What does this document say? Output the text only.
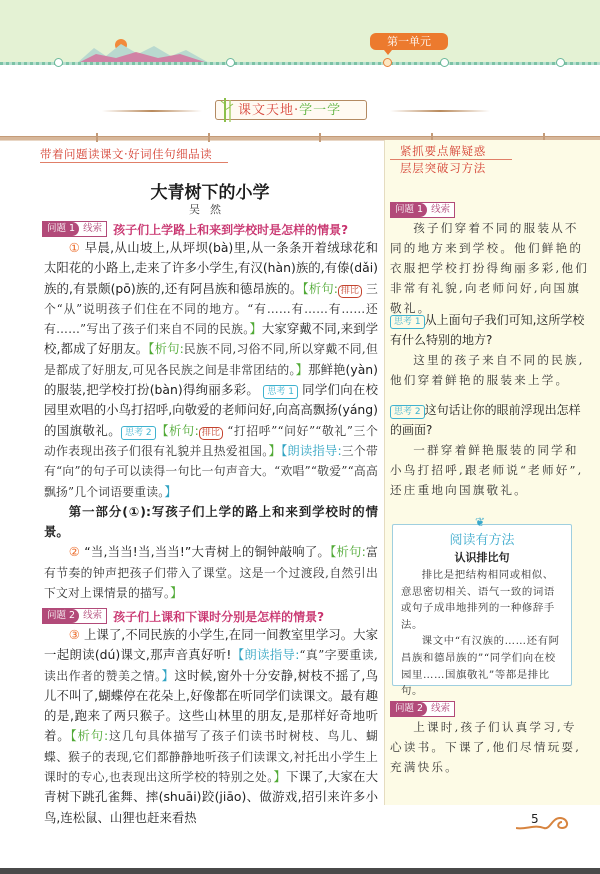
第一单元
课文天地·学一学
带着问题读课文·好词佳句细品读
大青树下的小学
吴然
问题 1 线索 孩子们上学路上和来到学校时是怎样的情景?

① 早晨,从山坡上,从坪坝(bà)里,从一条条开着绒球花和太阳花的小路上,走来了许多小学生,有汉(hàn)族的,有傣(dǎi)族的,有景颇(pō)族的,还有阿昌族和德昂族的。【析句: 排比 三个“从”说明孩子们住在不同的地方。“有……有……有……还有……”写出了孩子们来自不同的民族。】大家穿戴不同,来到学校,都成了好朋友。【析句:民族不同,习俗不同,所以穿戴不同,但是都成了好朋友,可见各民族之间是非常团结的。】那鲜艳(yàn)的服装,把学校打扮(bàn)得绚丽多彩。 思考 1 同学们向在校园里欢唱的小鸟打招呼,向敬爱的老师问好,向高高飘扬(yáng)的国旗敬礼。 思考 2 【析句: 排比 “打招呼”“问好”“敬礼”三个动作表现出孩子们很有礼貌并且热爱祖国。】【朗读指导:三个带有“向”的句子可以读得一句比一句声音大。“欢唱”“敬爱”“高高飘扬”几个词语要重读。】

第一部分(①):写孩子们上学的路上和来到学校时的情景。

② “当,当当!当,当当!”大青树上的铜钟敲响了。【析句:富有节奏的钟声把孩子们带入了课堂。这是一个过渡段,自然引出下文对上课情景的描写。】

问题 2 线索 孩子们上课和下课时分别是怎样的情景?

③ 上课了,不同民族的小学生,在同一间教室里学习。大家一起朗读(dú)课文,那声音真好听!【朗读指导:“真”字要重读,读出作者的赞美之情。】这时候,窗外十分安静,树枝不摇了,鸟儿不叫了,蝴蝶停在花朵上,好像都在听同学们读课文。最有趣的是,跑来了两只猴子。这些山林里的朋友,是那样好奇地听着。【析句:这几句具体描写了孩子们读书时树枝、鸟儿、蝴蝶、猴子的表现,它们都静静地听孩子们读课文,衬托出小学生上课时的专心,也表现出这所学校的特别之处。】下课了,大家在大青树下跳孔雀舞、摔(shuāi)跤(jiāo)、做游戏,招引来许多小鸟,连松鼠、山狸也赶来看热

紧抓要点解疑惑
层层突破习方法
问题 1 线索

孩子们穿着不同的服装从不同的地方来到学校。他们鲜艳的衣服把学校打扮得绚丽多彩,他们非常有礼貌,向老师问好,向国旗敬礼。

思考 1 从上面句子我们可知,这所学校有什么特别的地方?

这里的孩子来自不同的民族,他们穿着鲜艳的服装来上学。

思考 2 这句话让你的眼前浮现出怎样的画面?

一群穿着鲜艳服装的同学和小鸟打招呼,跟老师说“老师好”,还庄重地向国旗敬礼。

❦
阅读有方法
认识排比句

排比是把结构相同或相似、意思密切相关、语气一致的词语或句子成串地排列的一种修辞手法。

课文中“有汉族的……还有阿昌族和德昂族的”“同学们向在校园里……国旗敬礼”等都是排比句。

问题 2 线索

上课时,孩子们认真学习,专心读书。下课了,他们尽情玩耍,充满快乐。

5
